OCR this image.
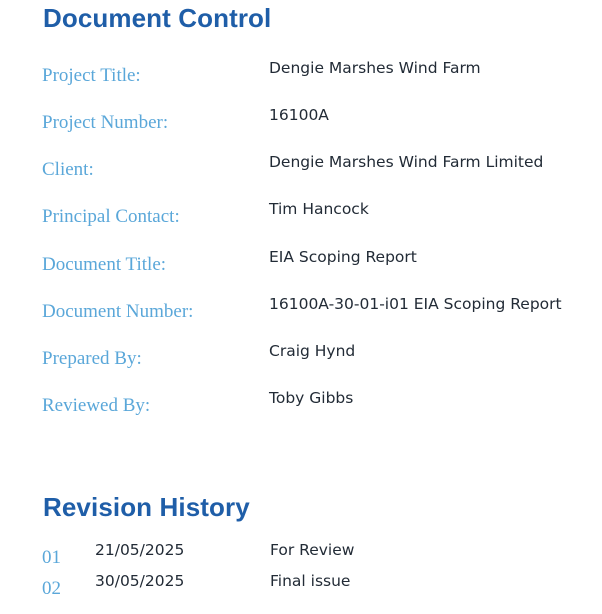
Document Control
Project Title:	Dengie Marshes Wind Farm
Project Number:	16100A
Client:	Dengie Marshes Wind Farm Limited
Principal Contact:	Tim Hancock
Document Title:	EIA Scoping Report
Document Number:	16100A-30-01-i01 EIA Scoping Report
Prepared By:	Craig Hynd
Reviewed By:	Toby Gibbs
Revision History
01 21/05/2025	For Review
02 30/05/2025	Final issue
